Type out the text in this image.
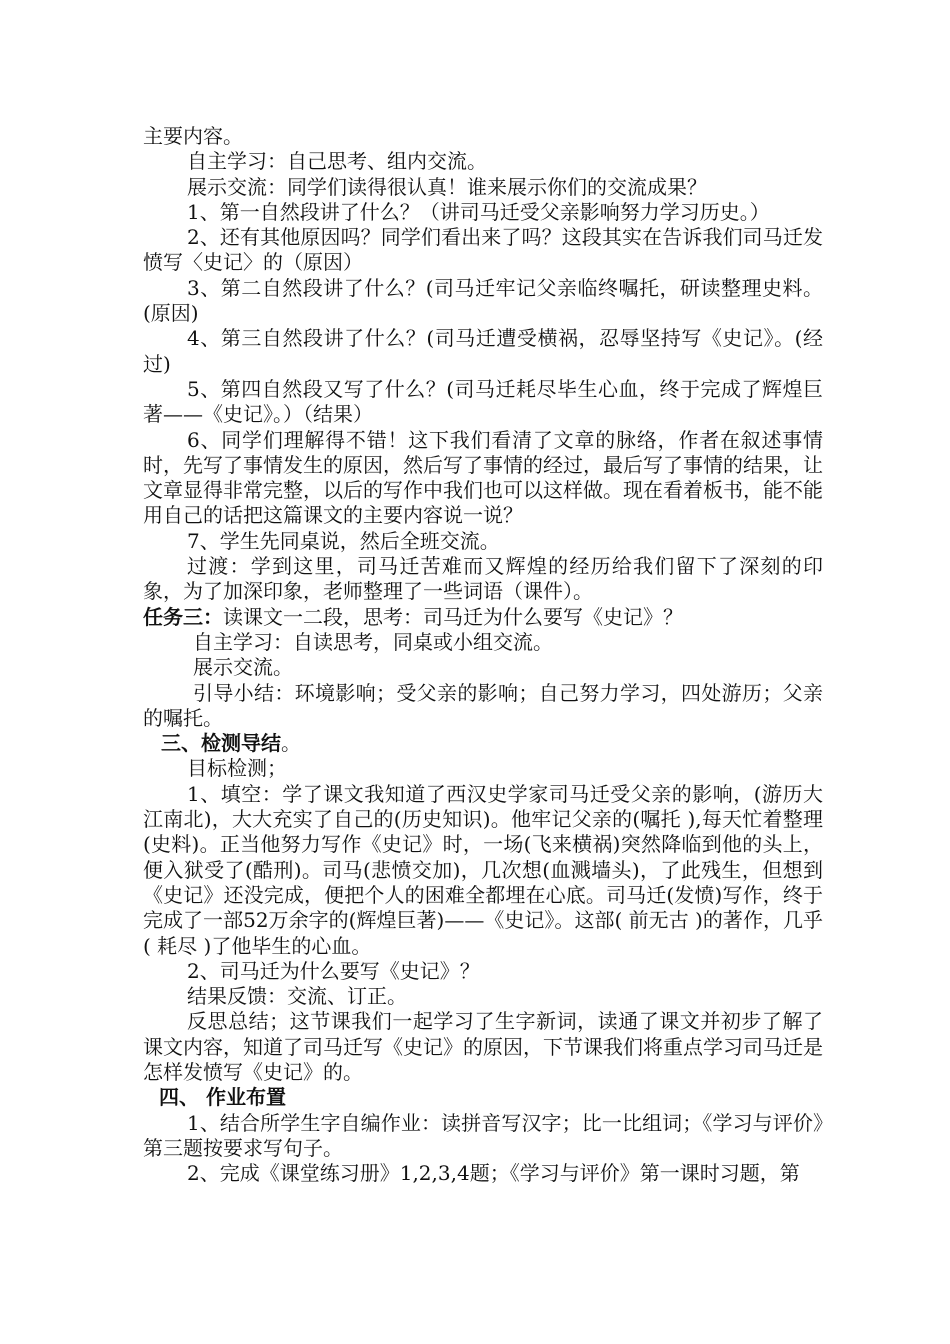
主要内容。

自主学习：自己思考、组内交流。

展示交流：同学们读得很认真！谁来展示你们的交流成果？

1、第一自然段讲了什么？（讲司马迁受父亲影响努力学习历史。）

2、还有其他原因吗？同学们看出来了吗？这段其实在告诉我们司马迁发愤写〈史记〉的（原因）

3、第二自然段讲了什么？(司马迁牢记父亲临终嘱托，研读整理史料。(原因)

4、第三自然段讲了什么？(司马迁遭受横祸，忍辱坚持写《史记》。(经过)

5、第四自然段又写了什么？(司马迁耗尽毕生心血，终于完成了辉煌巨著——《史记》。）（结果）

6、同学们理解得不错！这下我们看清了文章的脉络，作者在叙述事情时，先写了事情发生的原因，然后写了事情的经过，最后写了事情的结果，让文章显得非常完整，以后的写作中我们也可以这样做。现在看着板书，能不能用自己的话把这篇课文的主要内容说一说？

7、学生先同桌说，然后全班交流。

过渡：学到这里，司马迁苦难而又辉煌的经历给我们留下了深刻的印象，为了加深印象，老师整理了一些词语（课件）。

任务三：读课文一二段，思考：司马迁为什么要写《史记》？

自主学习：自读思考，同桌或小组交流。

展示交流。

引导小结：环境影响；受父亲的影响；自己努力学习，四处游历；父亲的嘱托。

三、检测导结。

目标检测；

1、填空：学了课文我知道了西汉史学家司马迁受父亲的影响，(游历大江南北)，大大充实了自己的(历史知识)。他牢记父亲的(嘱托 ),每天忙着整理(史料)。正当他努力写作《史记》时，一场(飞来横祸)突然降临到他的头上，便入狱受了(酷刑)。司马(悲愤交加)，几次想(血溅墙头)，了此残生，但想到《史记》还没完成，便把个人的困难全都埋在心底。司马迁(发愤)写作，终于完成了一部52万余字的(辉煌巨著)——《史记》。这部( 前无古 )的著作，几乎( 耗尽 )了他毕生的心血。

2、司马迁为什么要写《史记》？

结果反馈：交流、订正。

反思总结；这节课我们一起学习了生字新词，读通了课文并初步了解了课文内容，知道了司马迁写《史记》的原因，下节课我们将重点学习司马迁是怎样发愤写《史记》的。

四、 作业布置

1、结合所学生字自编作业：读拼音写汉字；比一比组词；《学习与评价》第三题按要求写句子。

2、完成《课堂练习册》1,2,3,4题；《学习与评价》第一课时习题，第
